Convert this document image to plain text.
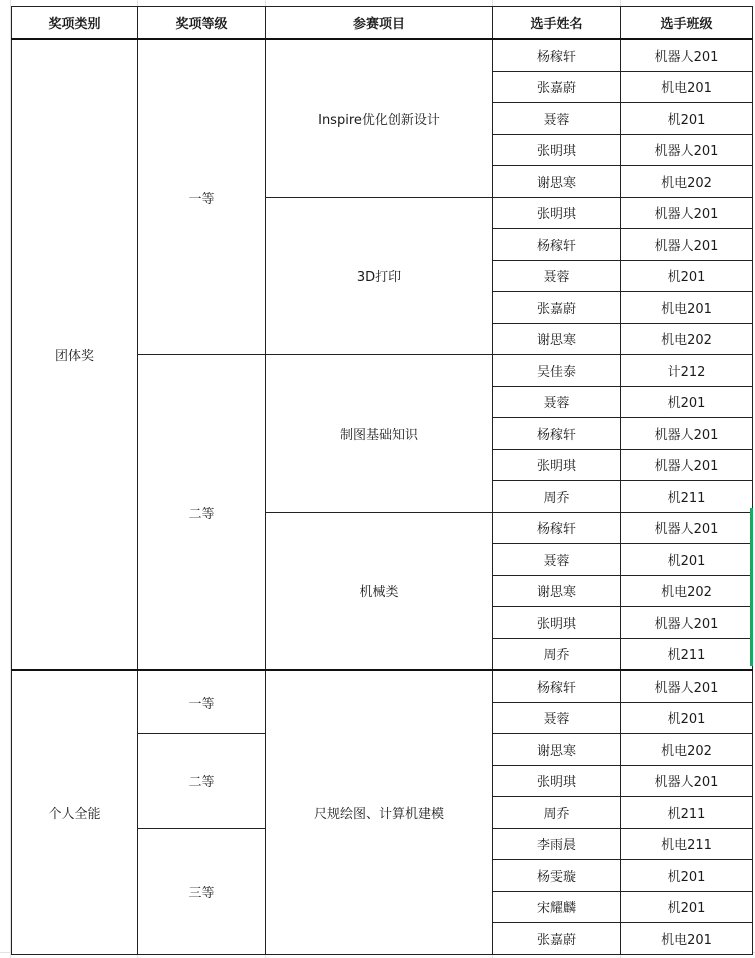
奖项类别	奖项等级	参赛项目	选手姓名	选手班级
团体奖	一等	Inspire优化创新设计	杨稼轩	机器人201
			张嘉蔚	机电201
			聂蓉	机201
			张明琪	机器人201
			谢思寒	机电202
		3D打印	张明琪	机器人201
			杨稼轩	机器人201
			聂蓉	机201
			张嘉蔚	机电201
			谢思寒	机电202
	二等	制图基础知识	吴佳泰	计212
			聂蓉	机201
			杨稼轩	机器人201
			张明琪	机器人201
			周乔	机211
		机械类	杨稼轩	机器人201
			聂蓉	机201
			谢思寒	机电202
			张明琪	机器人201
			周乔	机211
个人全能	一等	尺规绘图、计算机建模	杨稼轩	机器人201
			聂蓉	机201
	二等		谢思寒	机电202
			张明琪	机器人201
			周乔	机211
	三等		李雨晨	机电211
			杨雯璇	机201
			宋耀麟	机201
			张嘉蔚	机电201
